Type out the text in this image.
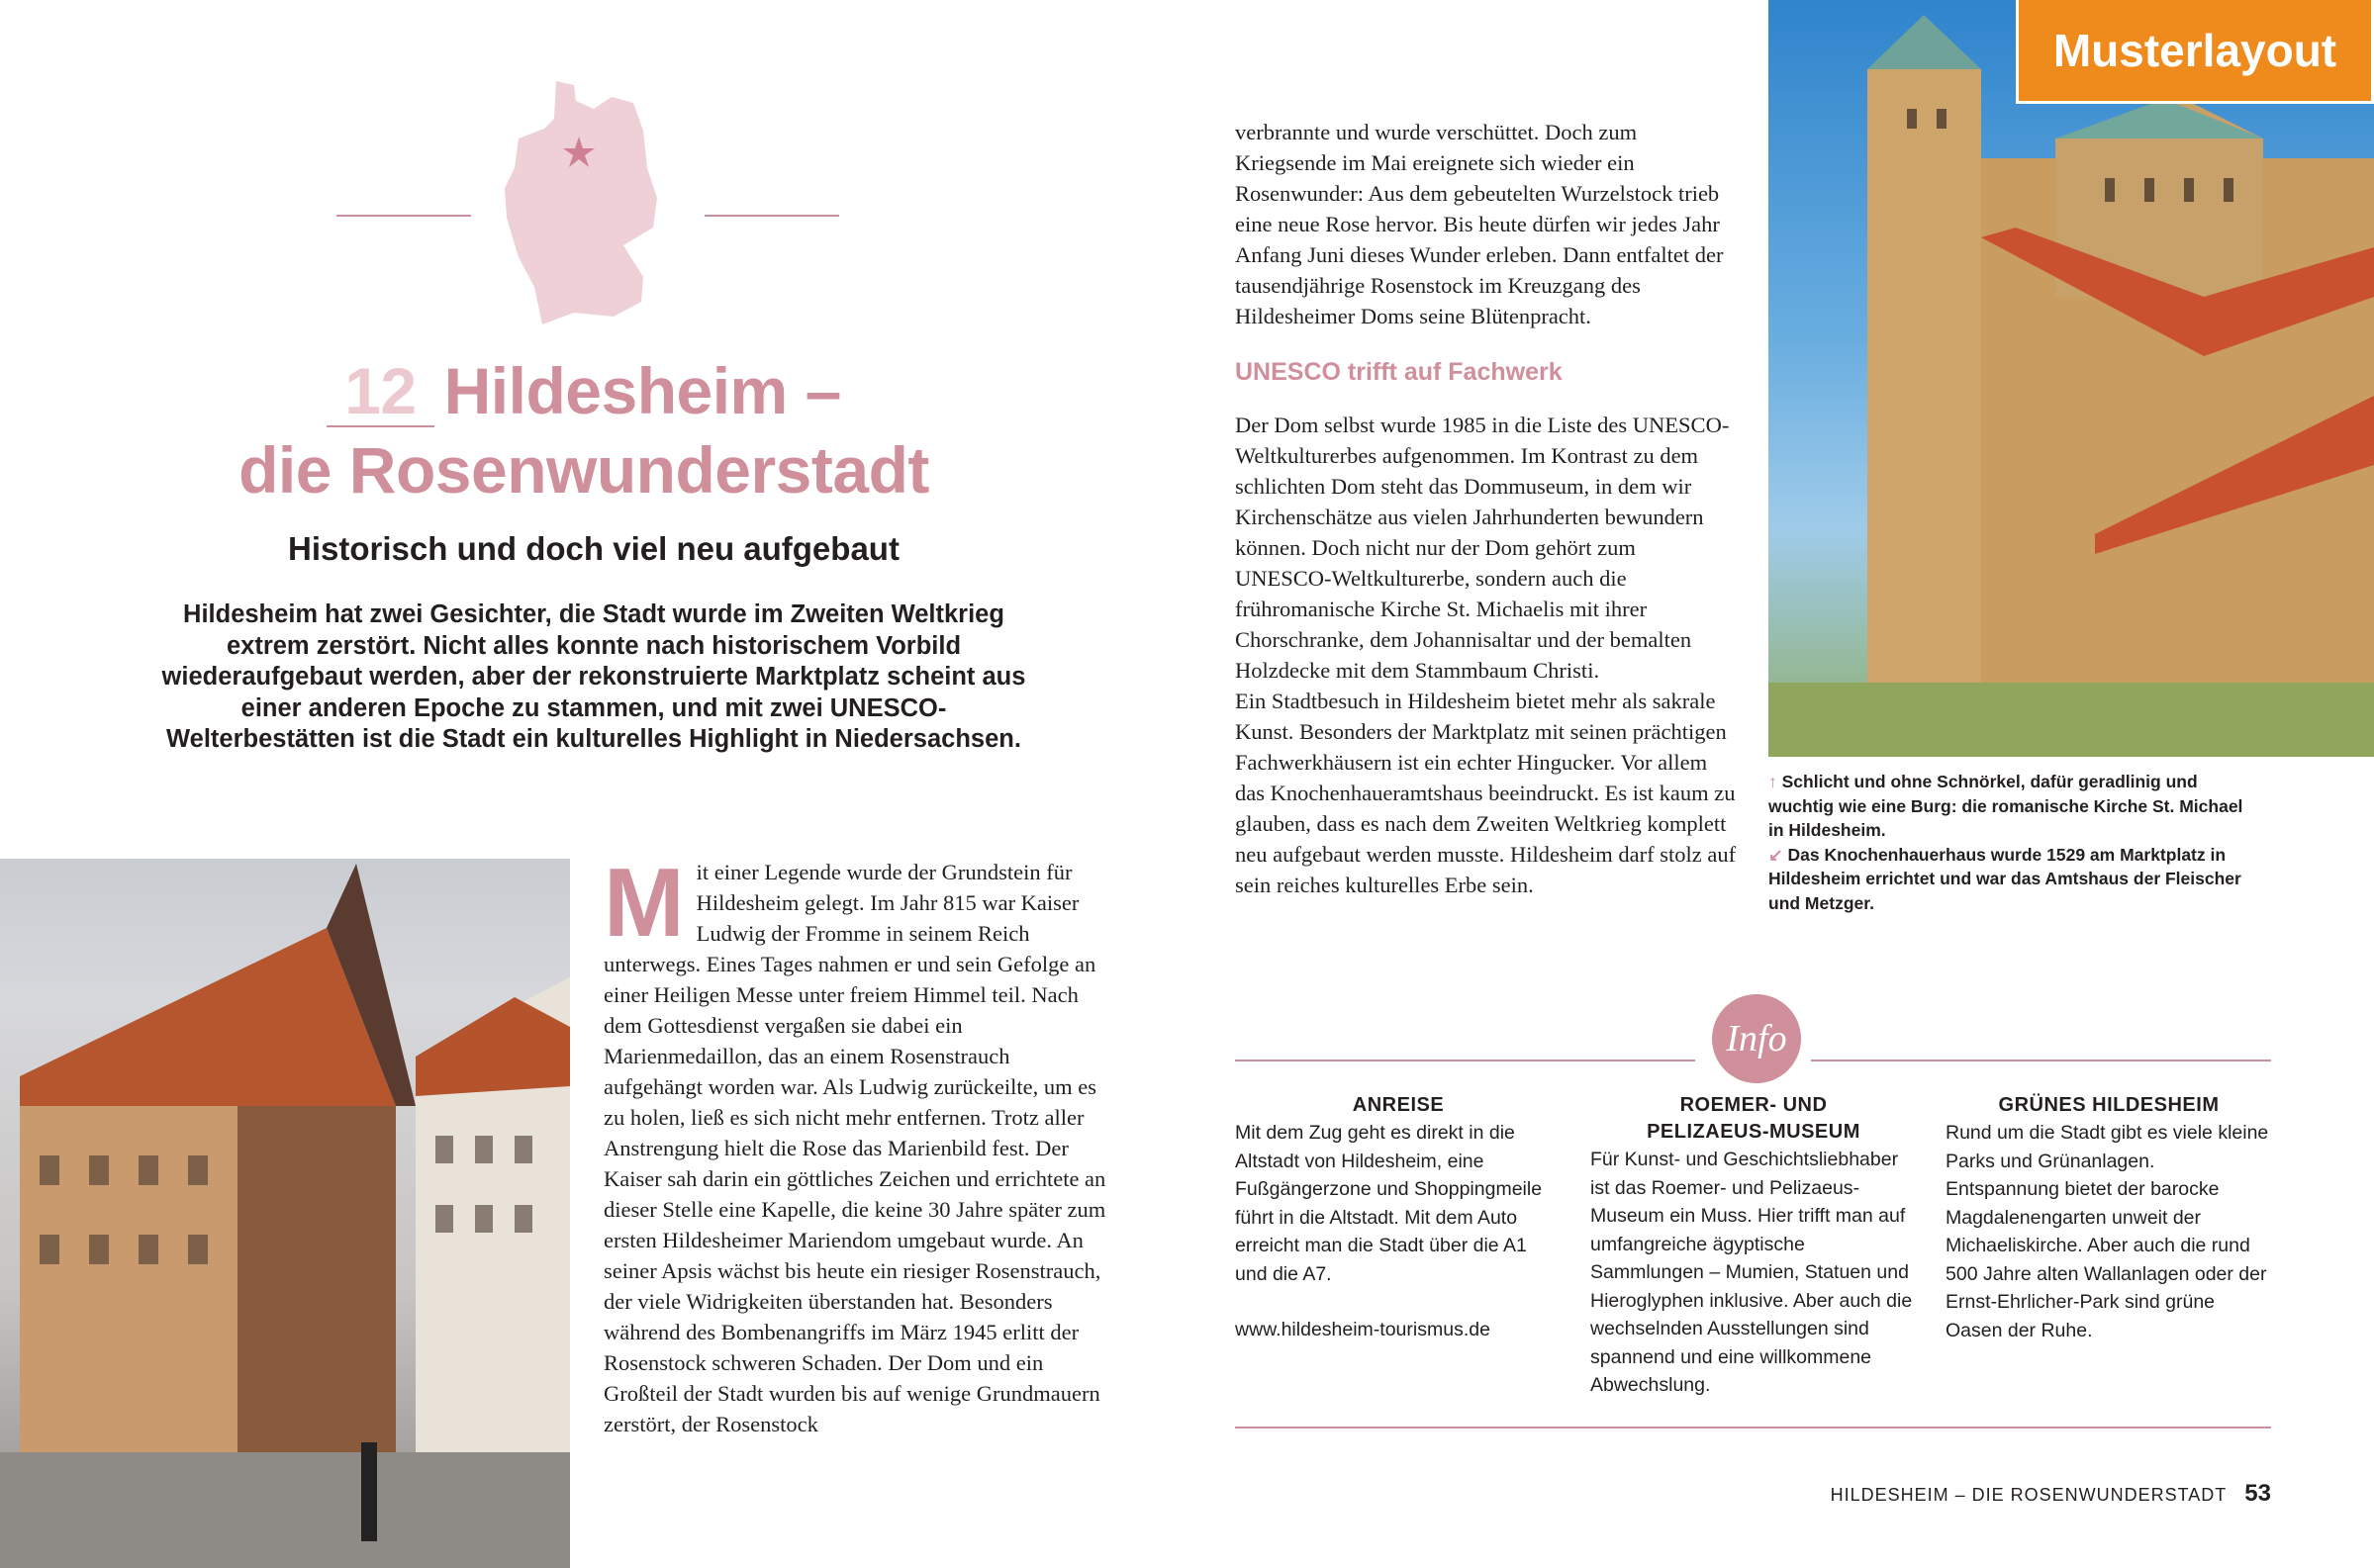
12 Hildesheim –
die Rosenwunderstadt
Historisch und doch viel neu aufgebaut
Hildesheim hat zwei Gesichter, die Stadt wurde im Zweiten Weltkrieg extrem zerstört. Nicht alles konnte nach historischem Vorbild wiederaufgebaut werden, aber der rekonstruierte Marktplatz scheint aus einer anderen Epoche zu stammen, und mit zwei UNESCO-Welterbestätten ist die Stadt ein kulturelles Highlight in Niedersachsen.
Mit einer Legende wurde der Grundstein für Hildesheim gelegt. Im Jahr 815 war Kaiser Ludwig der Fromme in seinem Reich unterwegs. Eines Tages nahmen er und sein Gefolge an einer Heiligen Messe unter freiem Himmel teil. Nach dem Gottesdienst vergaßen sie dabei ein Marienmedaillon, das an einem Rosenstrauch aufgehängt worden war. Als Ludwig zurückeilte, um es zu holen, ließ es sich nicht mehr entfernen. Trotz aller Anstrengung hielt die Rose das Marienbild fest. Der Kaiser sah darin ein göttliches Zeichen und errichtete an dieser Stelle eine Kapelle, die keine 30 Jahre später zum ersten Hildesheimer Mariendom umgebaut wurde. An seiner Apsis wächst bis heute ein riesiger Rosenstrauch, der viele Widrigkeiten überstanden hat. Besonders während des Bombenangriffs im März 1945 erlitt der Rosenstock schweren Schaden. Der Dom und ein Großteil der Stadt wurden bis auf wenige Grundmauern zerstört, der Rosenstock

verbrannte und wurde verschüttet. Doch zum Kriegsende im Mai ereignete sich wieder ein Rosenwunder: Aus dem gebeutelten Wurzelstock trieb eine neue Rose hervor. Bis heute dürfen wir jedes Jahr Anfang Juni dieses Wunder erleben. Dann entfaltet der tausendjährige Rosenstock im Kreuzgang des Hildesheimer Doms seine Blütenpracht.

UNESCO trifft auf Fachwerk

Der Dom selbst wurde 1985 in die Liste des UNESCO-Weltkulturerbes aufgenommen. Im Kontrast zu dem schlichten Dom steht das Dommuseum, in dem wir Kirchenschätze aus vielen Jahrhunderten bewundern können. Doch nicht nur der Dom gehört zum UNESCO-Weltkulturerbe, sondern auch die frühromanische Kirche St. Michaelis mit ihrer Chorschranke, dem Johannisaltar und der bemalten Holzdecke mit dem Stammbaum Christi.

Ein Stadtbesuch in Hildesheim bietet mehr als sakrale Kunst. Besonders der Marktplatz mit seinen prächtigen Fachwerkhäusern ist ein echter Hingucker. Vor allem das Knochenhaueramtshaus beeindruckt. Es ist kaum zu glauben, dass es nach dem Zweiten Weltkrieg komplett neu aufgebaut werden musste. Hildesheim darf stolz auf sein reiches kulturelles Erbe sein.

Musterlayout
↑ Schlicht und ohne Schnörkel, dafür geradlinig und wuchtig wie eine Burg: die romanische Kirche St. Michael in Hildesheim.
↙ Das Knochenhauerhaus wurde 1529 am Marktplatz in Hildesheim errichtet und war das Amtshaus der Fleischer und Metzger.
Info
ANREISE

Mit dem Zug geht es direkt in die Altstadt von Hildesheim, eine Fußgängerzone und Shoppingmeile führt in die Altstadt. Mit dem Auto erreicht man die Stadt über die A1 und die A7.

www.hildesheim-tourismus.de

ROEMER- UND PELIZAEUS-MUSEUM

Für Kunst- und Geschichtsliebhaber ist das Roemer- und Pelizaeus-Museum ein Muss. Hier trifft man auf umfangreiche ägyptische Sammlungen – Mumien, Statuen und Hieroglyphen inklusive. Aber auch die wechselnden Ausstellungen sind spannend und eine willkommene Abwechslung.

GRÜNES HILDESHEIM

Rund um die Stadt gibt es viele kleine Parks und Grünanlagen. Entspannung bietet der barocke Magdalenengarten unweit der Michaeliskirche. Aber auch die rund 500 Jahre alten Wallanlagen oder der Ernst-Ehrlicher-Park sind grüne Oasen der Ruhe.

HILDESHEIM – DIE ROSENWUNDERSTADT 53
